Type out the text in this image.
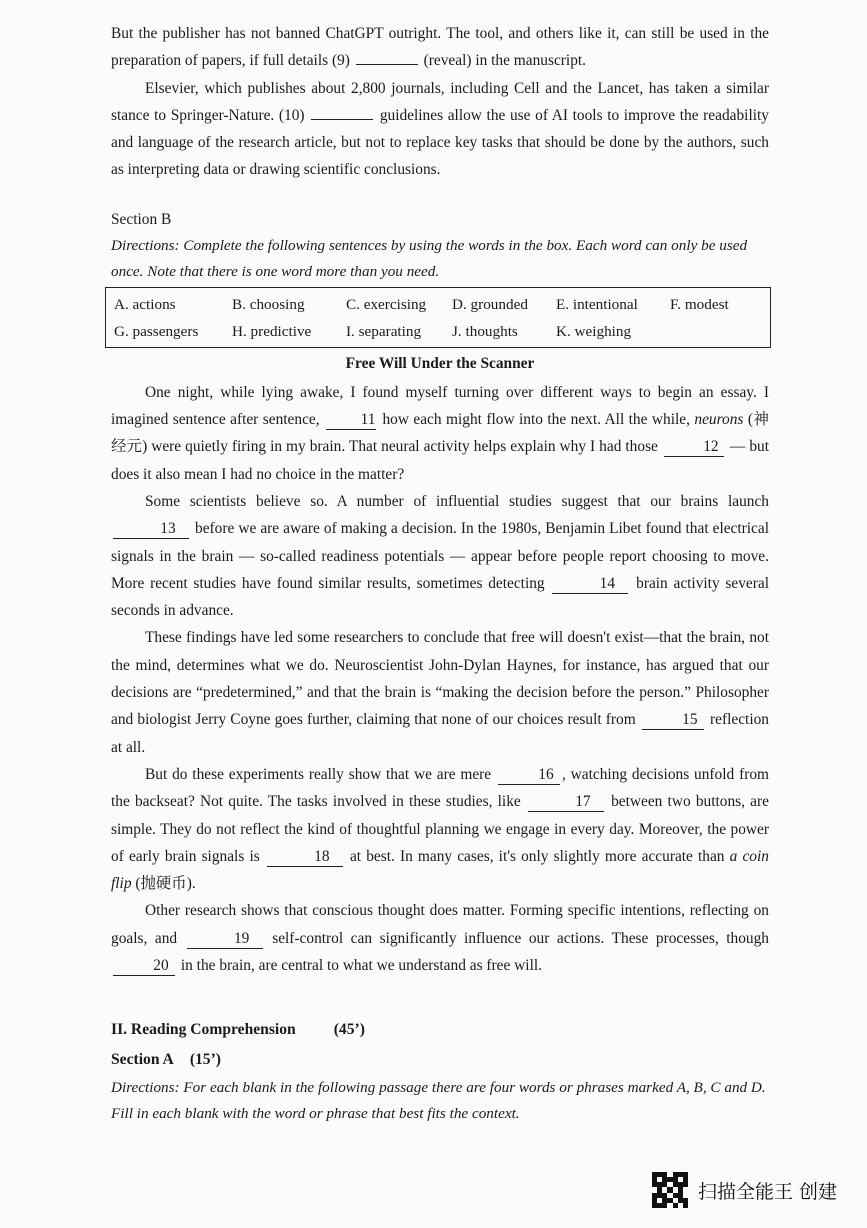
But the publisher has not banned ChatGPT outright. The tool, and others like it, can still be used in the preparation of papers, if full details (9)	(reveal) in the manuscript.

Elsevier, which publishes about 2,800 journals, including Cell and the Lancet, has taken a similar stance to Springer-Nature. (10)	guidelines allow the use of AI tools to improve the readability and language of the research article, but not to replace key tasks that should be done by the authors, such as interpreting data or drawing scientific conclusions.

Section B
Directions: Complete the following sentences by using the words in the box. Each word can only be used once. Note that there is one word more than you need.
A. actions	B. choosing	C. exercising	D. grounded	E. intentional	F. modest
G. passengers	H. predictive	I. separating	J. thoughts	K. weighing
Free Will Under the Scanner

One night, while lying awake, I found myself turning over different ways to begin an essay. I imagined sentence after sentence,	11 how each might flow into the next. All the while, neurons (神经元) were quietly firing in my brain. That neural activity helps explain why I had those	12 — but does it also mean I had no choice in the matter?

Some scientists believe so. A number of influential studies suggest that our brains launch 13 before we are aware of making a decision. In the 1980s, Benjamin Libet found that electrical signals in the brain — so-called readiness potentials — appear before people report choosing to move. More recent studies have found similar results, sometimes detecting	14 brain activity several seconds in advance.

These findings have led some researchers to conclude that free will doesn't exist—that the brain, not the mind, determines what we do. Neuroscientist John-Dylan Haynes, for instance, has argued that our decisions are “predetermined,” and that the brain is “making the decision before the person.” Philosopher and biologist Jerry Coyne goes further, claiming that none of our choices result from	15 reflection at all.

But do these experiments really show that we are mere	16 , watching decisions unfold from the backseat? Not quite. The tasks involved in these studies, like	17 between two buttons, are simple. They do not reflect the kind of thoughtful planning we engage in every day. Moreover, the power of early brain signals is	18 at best. In many cases, it's only slightly more accurate than a coin flip (抛硬币).

Other research shows that conscious thought does matter. Forming specific intentions, reflecting on goals, and	19 self-control can significantly influence our actions. These processes, though 20 in the brain, are central to what we understand as free will.

II. Reading Comprehension (45’)
Section A (15’)
Directions: For each blank in the following passage there are four words or phrases marked A, B, C and D. Fill in each blank with the word or phrase that best fits the context.
扫描全能王 创建
